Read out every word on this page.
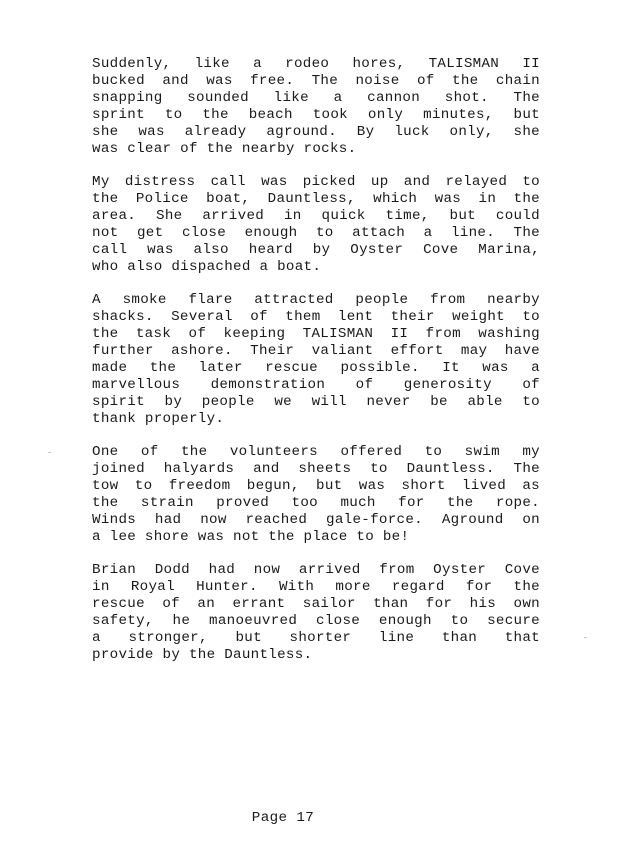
Suddenly, like a rodeo hores, TALISMAN II
bucked and was free. The noise of the chain
snapping sounded like a cannon shot. The
sprint to the beach took only minutes, but
she was already aground. By luck only, she
was clear of the nearby rocks.
My distress call was picked up and relayed to
the Police boat, Dauntless, which was in the
area. She arrived in quick time, but could
not get close enough to attach a line. The
call was also heard by Oyster Cove Marina,
who also dispached a boat.
A smoke flare attracted people from nearby
shacks. Several of them lent their weight to
the task of keeping TALISMAN II from washing
further ashore. Their valiant effort may have
made the later rescue possible. It was a
marvellous demonstration of generosity of
spirit by people we will never be able to
thank properly.
One of the volunteers offered to swim my
joined halyards and sheets to Dauntless. The
tow to freedom begun, but was short lived as
the strain proved too much for the rope.
Winds had now reached gale-force. Aground on
a lee shore was not the place to be!
Brian Dodd had now arrived from Oyster Cove
in Royal Hunter. With more regard for the
rescue of an errant sailor than for his own
safety, he manoeuvred close enough to secure
a stronger, but shorter line than that
provide by the Dauntless.
Page 17
